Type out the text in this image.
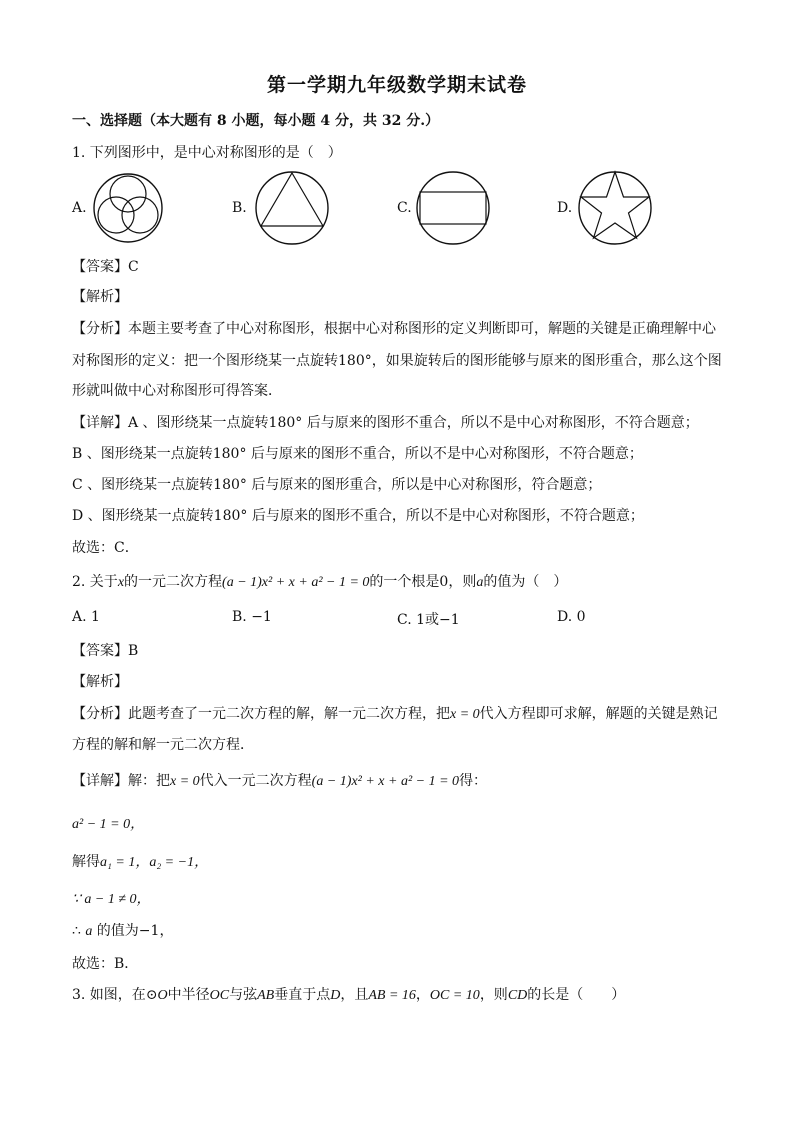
第一学期九年级数学期末试卷
一、选择题（本大题有 8 小题，每小题 4 分，共 32 分.）
1. 下列图形中，是中心对称图形的是（　）
A.	B.	C.	D.
【答案】C
【解析】
【分析】本题主要考查了中心对称图形，根据中心对称图形的定义判断即可，解题的关键是正确理解中心
对称图形的定义：把一个图形绕某一点旋转180°，如果旋转后的图形能够与原来的图形重合，那么这个图
形就叫做中心对称图形可得答案．
【详解】A 、图形绕某一点旋转180° 后与原来的图形不重合，所以不是中心对称图形，不符合题意；
B 、图形绕某一点旋转180° 后与原来的图形不重合，所以不是中心对称图形，不符合题意；
C 、图形绕某一点旋转180° 后与原来的图形重合，所以是中心对称图形，符合题意；
D 、图形绕某一点旋转180° 后与原来的图形不重合，所以不是中心对称图形，不符合题意；
故选：C．
2. 关于x的一元二次方程(a − 1)x² + x + a² − 1 = 0的一个根是0，则a的值为（　）
A. 1	B. −1	C. 1或−1	D. 0
【答案】B
【解析】
【分析】此题考查了一元二次方程的解，解一元二次方程，把x = 0代入方程即可求解，解题的关键是熟记
方程的解和解一元二次方程．
【详解】解：把x = 0代入一元二次方程(a − 1)x² + x + a² − 1 = 0得：
a² − 1 = 0，
解得a₁ = 1，a₂ = −1，
∵ a − 1 ≠ 0，
∴ a 的值为−1，
故选：B．
3. 如图，在⊙O中半径OC与弦AB垂直于点D，且AB = 16，OC = 10，则CD的长是（　　）
